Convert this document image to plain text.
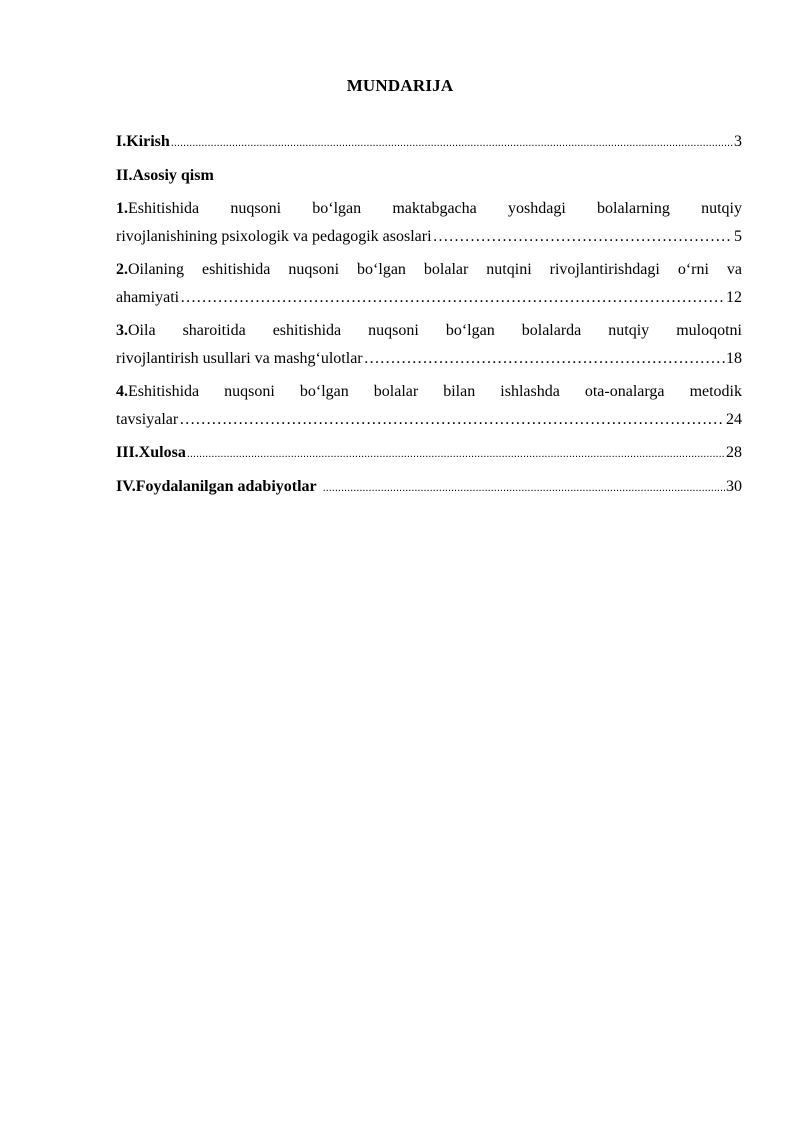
MUNDARIJA
I. Kirish .....	3
II.Asosiy qism
1.Eshitishida nuqsoni bo‘lgan maktabgacha yoshdagi bolalarning nutqiy
rivojlanishining psixologik va pedagogik asoslari ………………………………………………………………………………………………………………………………………………………………………………	5
2.Oilaning eshitishida nuqsoni bo‘lgan bolalar nutqini rivojlantirishdagi o‘rni va
ahamiyati ………………………………………………………………………………………………………………………………………………………………………………	12
3.Oila sharoitida eshitishida nuqsoni bo‘lgan bolalarda nutqiy muloqotni
rivojlantirish usullari va mashg‘ulotlar ………………………………………………………………………………………………………………………………………………………………………………	18
4.Eshitishida nuqsoni bo‘lgan bolalar bilan ishlashda ota-onalarga metodik
tavsiyalar ………………………………………………………………………………………………………………………………………………………………………………	24
III. Xulosa .....	28
IV. Foydalanilgan adabiyotlar .....	30
